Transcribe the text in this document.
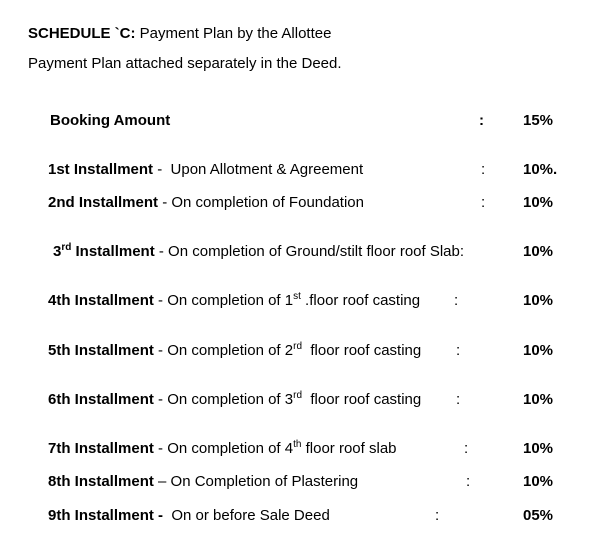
SCHEDULE `C: Payment Plan by the Allottee
Payment Plan attached separately in the Deed.
Booking Amount	:	15%
1st Installment -  Upon Allotment & Agreement	:	10%.
2nd Installment - On completion of Foundation	:	10%
3rd Installment - On completion of Ground/stilt floor roof Slab:	10%
4th Installment - On completion of 1st .floor roof casting :	10%
5th Installment - On completion of 2rd  floor roof casting :	10%
6th Installment - On completion of 3rd  floor roof casting :	10%
7th Installment - On completion of 4th floor roof slab	:	10%
8th Installment – On Completion of Plastering	:	10%
9th Installment - On or before Sale Deed	:	05%
